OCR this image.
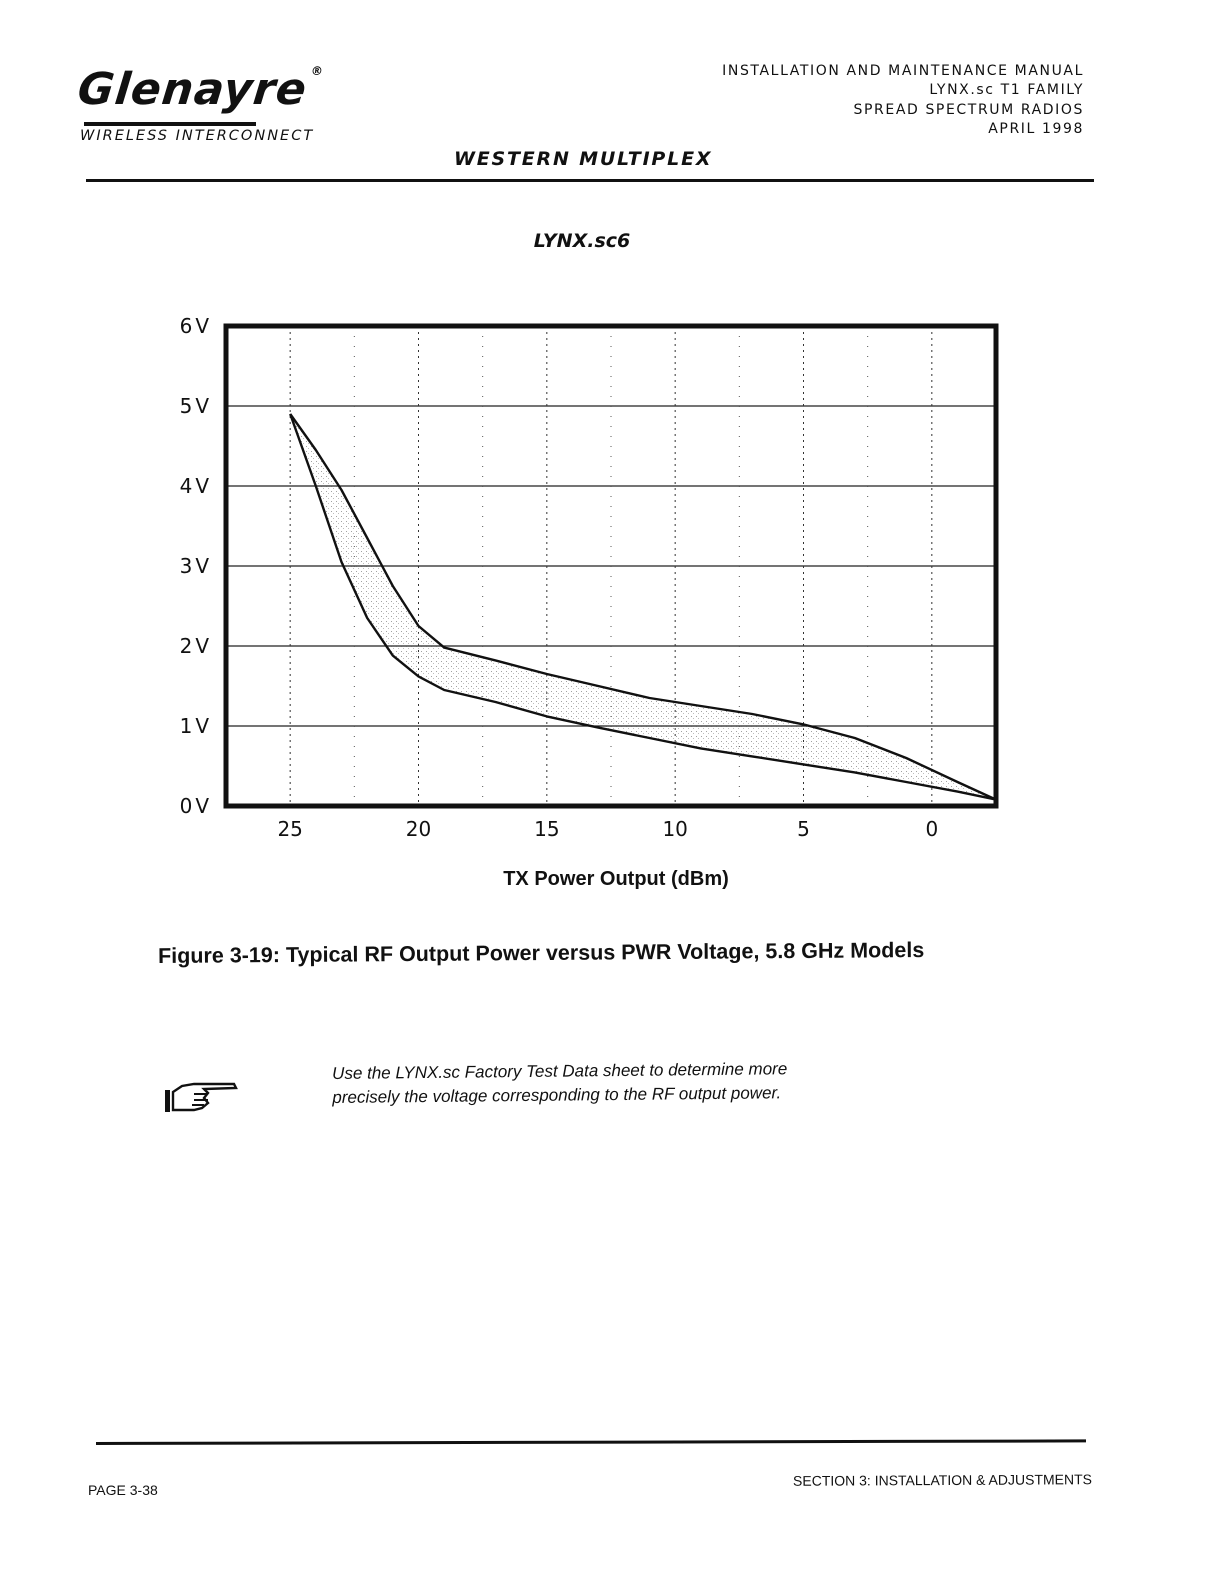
Glenayre®
WIRELESS INTERCONNECT
INSTALLATION AND MAINTENANCE MANUAL
LYNX.sc T1 FAMILY
SPREAD SPECTRUM RADIOS
APRIL 1998
WESTERN MULTIPLEX
LYNX.sc6
0V
1V
2V
3V
4V
5V
6V
25	20	15	10	5	0
TX Power Output (dBm)
Figure 3-19: Typical RF Output Power versus PWR Voltage, 5.8 GHz Models
Use the LYNX.sc Factory Test Data sheet to determine more
precisely the voltage corresponding to the RF output power.
PAGE 3-38
SECTION 3: INSTALLATION & ADJUSTMENTS
